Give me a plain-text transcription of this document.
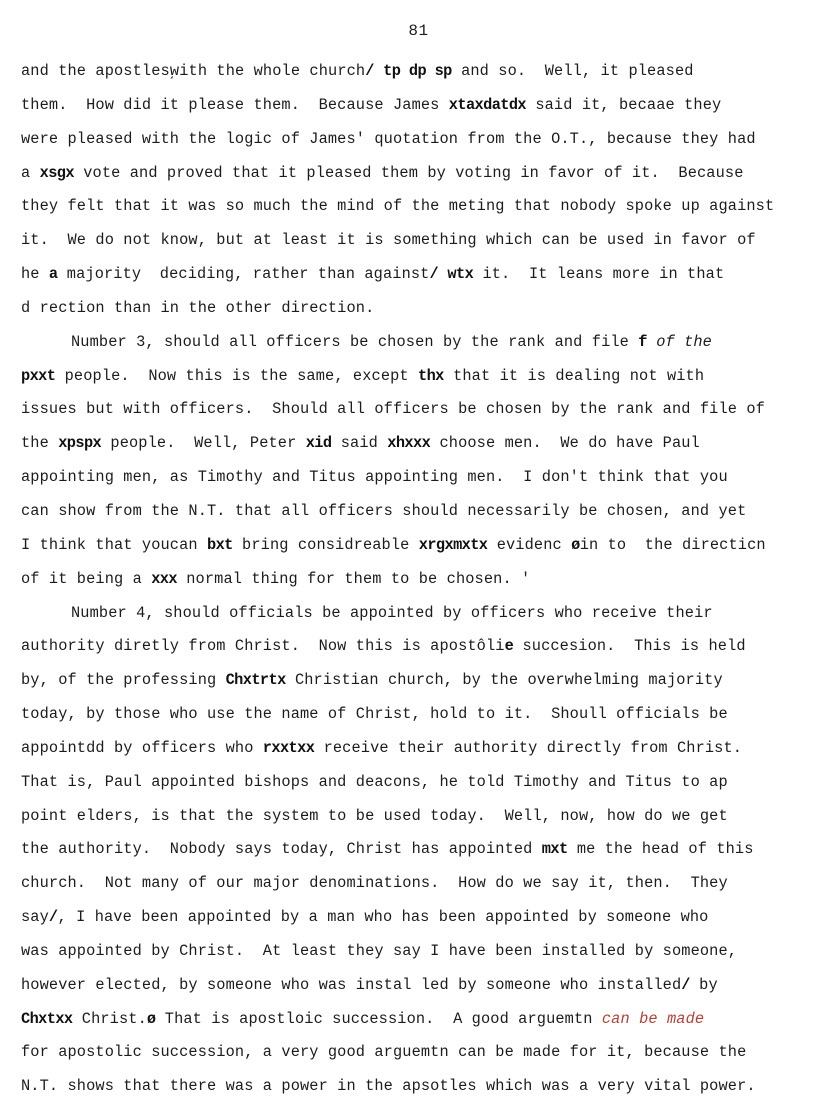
81
and the apostles͵with the whole church/ tp dp sp and so.  Well, it pleased
them.  How did it please them.  Because James xtaxdatdx said it, becaae they
were pleased with the logic of James' quotation from the O.T., because they had
a xsgx vote and proved that it pleased them by voting in favor of it.  Because
they felt that it was so much the mind of the meting that nobody spoke up against
it.  We do not know, but at least it is something which can be used in favor of
he a majority  deciding, rather than against/ wtx it.  It leans more in that
d rection than in the other direction.
Number 3, should all officers be chosen by the rank and file f of the
pxxt people.  Now this is the same, except thx that it is dealing not with
issues but with officers.  Should all officers be chosen by the rank and file of
the xpspx people.  Well, Peter xid said xhxxx choose men.  We do have Paul
appointing men, as Timothy and Titus appointing men.  I don't think that you
can show from the N.T. that all officers should necessarily be chosen, and yet
I think that youcan bxt bring considreable xrgxmxtx evidenc øin to  the directicn
of it being a xxx normal thing for them to be chosen. '
Number 4, should officials be appointed by officers who receive their
authority diretly from Christ.  Now this is apostôlie succesion.  This is held
by, of the professing Chxtrtx Christian church, by the overwhelming majority
today, by those who use the name of Christ, hold to it.  Shoull officials be
appointdd by officers who rxxtxx receive their authority directly from Christ.
That is, Paul appointed bishops and deacons, he told Timothy and Titus to ap
point elders, is that the system to be used today.  Well, now, how do we get
the authority.  Nobody says today, Christ has appointed mxt me the head of this
church.  Not many of our major denominations.  How do we say it, then.  They
say/, I have been appointed by a man who has been appointed by someone who
was appointed by Christ.  At least they say I have been installed by someone,
however elected, by someone who was instal led by someone who installed/ by
Chxtxx Christ.ø That is apostloic succession.  A good arguemtn can be made
for apostolic succession, a very good arguemtn can be made for it, because the
N.T. shows that there was a power in the apsotles which was a very vital power.
